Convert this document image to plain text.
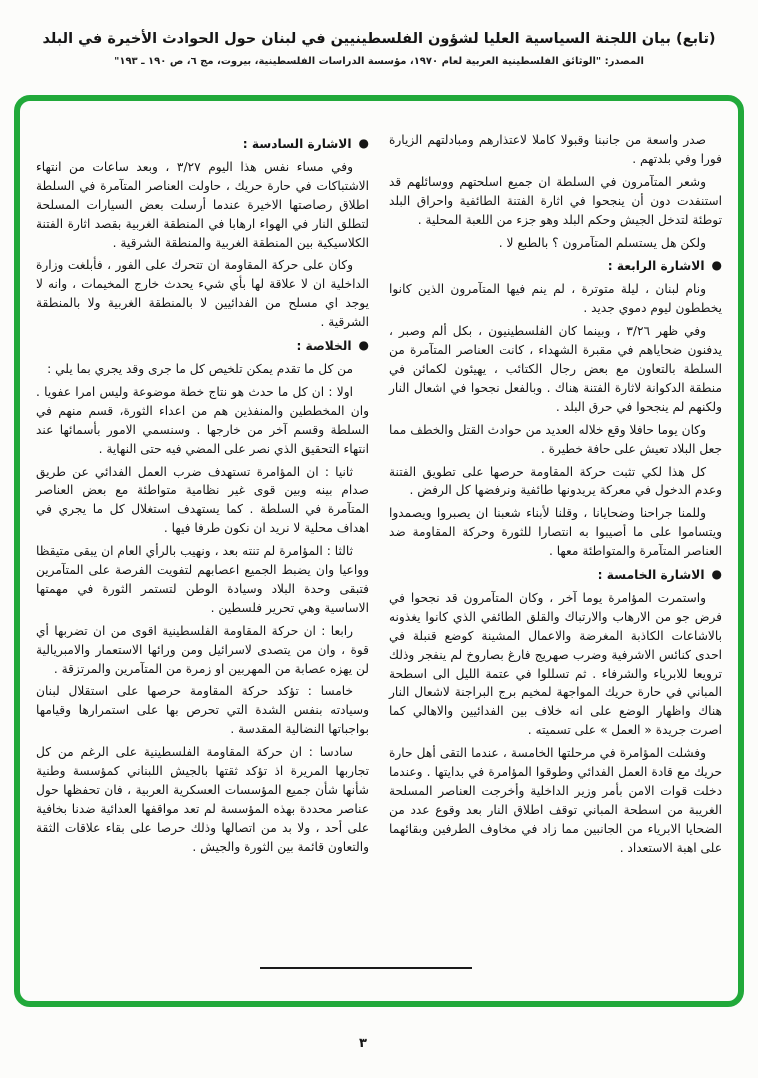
(تابع) بيان اللجنة السياسية العليا لشؤون الفلسطينيين في لبنان حول الحوادث الأخيرة في البلد
المصدر: "الوثائق الفلسطينية العربية لعام ١٩٧٠، مؤسسة الدراسات الفلسطينية، بيروت، مج ٦، ص ١٩٠ ـ ١٩٣"

صدر واسعة من جانبنا وقبولا كاملا لاعتذارهم ومبادلتهم الزيارة فورا وفي بلدتهم .

وشعر المتآمرون في السلطة ان جميع اسلحتهم ووسائلهم قد استنفدت دون أن ينجحوا في اثارة الفتنة الطائفية واحراق البلد توطئة لتدخل الجيش وحكم البلد وهو جزء من اللعبة المحلية .

ولكن هل يستسلم المتآمرون ؟ بالطبع لا .

●الاشارة الرابعة :

ونام لبنان ، ليلة متوترة ، لم ينم فيها المتآمرون الذين كانوا يخططون ليوم دموي جديد .

وفي ظهر ٣/٢٦ ، وبينما كان الفلسطينيون ، بكل ألم وصبر ، يدفنون ضحاياهم في مقبرة الشهداء ، كانت العناصر المتآمرة من السلطة بالتعاون مع بعض رجال الكتائب ، يهيئون لكمائن في منطقة الدكوانة لاثارة الفتنة هناك . وبالفعل نجحوا في اشعال النار ولكنهم لم ينجحوا في حرق البلد .

وكان يوما حافلا وقع خلاله العديد من حوادث القتل والخطف مما جعل البلاد تعيش على حافة خطيرة .

كل هذا لكي تثبت حركة المقاومة حرصها على تطويق الفتنة وعدم الدخول في معركة يريدونها طائفية ونرفضها كل الرفض .

وللمنا جراحنا وضحايانا ، وقلنا لأبناء شعبنا ان يصبروا ويصمدوا ويتساموا على ما أصيبوا به انتصارا للثورة وحركة المقاومة ضد العناصر المتآمرة والمتواطئة معها .

●الاشارة الخامسة :

واستمرت المؤامرة يوما آخر ، وكان المتآمرون قد نجحوا في فرض جو من الارهاب والارتباك والقلق الطائفي الذي كانوا يغذونه بالاشاعات الكاذبة المغرضة والاعمال المشينة كوضع قنبلة في احدى كنائس الاشرفية وضرب صهريج فارغ بصاروخ لم ينفجر وذلك ترويعا للابرياء والشرفاء . ثم تسللوا في عتمة الليل الى اسطحة المباني في حارة حريك المواجهة لمخيم برج البراجنة لاشعال النار هناك واظهار الوضع على انه خلاف بين الفدائيين والاهالي كما اصرت جريدة « العمل » على تسميته .

وفشلت المؤامرة في مرحلتها الخامسة ، عندما التقى أهل حارة حريك مع قادة العمل الفدائي وطوقوا المؤامرة في بدايتها . وعندما دخلت قوات الامن بأمر وزير الداخلية وأخرجت العناصر المسلحة الغريبة من اسطحة المباني توقف اطلاق النار بعد وقوع عدد من الضحايا الابرياء من الجانبين مما زاد في مخاوف الطرفين وبقائهما على اهبة الاستعداد .

●الاشارة السادسة :

وفي مساء نفس هذا اليوم ٣/٢٧ ، وبعد ساعات من انتهاء الاشتباكات في حارة حريك ، حاولت العناصر المتآمرة في السلطة اطلاق رصاصتها الاخيرة عندما أرسلت بعض السيارات المسلحة لتطلق النار في الهواء ارهابا في المنطقة الغربية بقصد اثارة الفتنة الكلاسيكية بين المنطقة الغربية والمنطقة الشرقية .

وكان على حركة المقاومة ان تتحرك على الفور ، فأبلغت وزارة الداخلية ان لا علاقة لها بأي شيء يحدث خارج المخيمات ، وانه لا يوجد اي مسلح من الفدائيين لا بالمنطقة الغربية ولا بالمنطقة الشرقية .

●الخلاصة :

من كل ما تقدم يمكن تلخيص كل ما جرى وقد يجري بما يلي :

اولا : ان كل ما حدث هو نتاج خطة موضوعة وليس امرا عفويا . وان المخططين والمنفذين هم من اعداء الثورة، قسم منهم في السلطة وقسم آخر من خارجها . وسنسمي الامور بأسمائها عند انتهاء التحقيق الذي نصر على المضي فيه حتى النهاية .

ثانيا : ان المؤامرة تستهدف ضرب العمل الفدائي عن طريق صدام بينه وبين قوى غير نظامية متواطئة مع بعض العناصر المتآمرة في السلطة . كما يستهدف استغلال كل ما يجري في اهداف محلية لا نريد ان نكون طرفا فيها .

ثالثا : المؤامرة لم تنته بعد ، ونهيب بالرأي العام ان يبقى متيقظا وواعيا وان يضبط الجميع اعصابهم لتفويت الفرصة على المتآمرين فتبقى وحدة البلاد وسيادة الوطن لتستمر الثورة في مهمتها الاساسية وهي تحرير فلسطين .

رابعا : ان حركة المقاومة الفلسطينية اقوى من ان تضربها أي قوة ، وان من يتصدى لاسرائيل ومن ورائها الاستعمار والامبريالية لن يهزه عصابة من المهربين او زمرة من المتآمرين والمرتزقة .

خامسا : تؤكد حركة المقاومة حرصها على استقلال لبنان وسيادته بنفس الشدة التي تحرص بها على استمرارها وقيامها بواجباتها النضالية المقدسة .

سادسا : ان حركة المقاومة الفلسطينية على الرغم من كل تجاربها المريرة اذ تؤكد ثقتها بالجيش اللبناني كمؤسسة وطنية شأنها شأن جميع المؤسسات العسكرية العربية ، فان تحفظها حول عناصر محددة بهذه المؤسسة لم تعد مواقفها العدائية ضدنا بخافية على أحد ، ولا بد من اتصالها وذلك حرصا على بقاء علاقات الثقة والتعاون قائمة بين الثورة والجيش .

٣
